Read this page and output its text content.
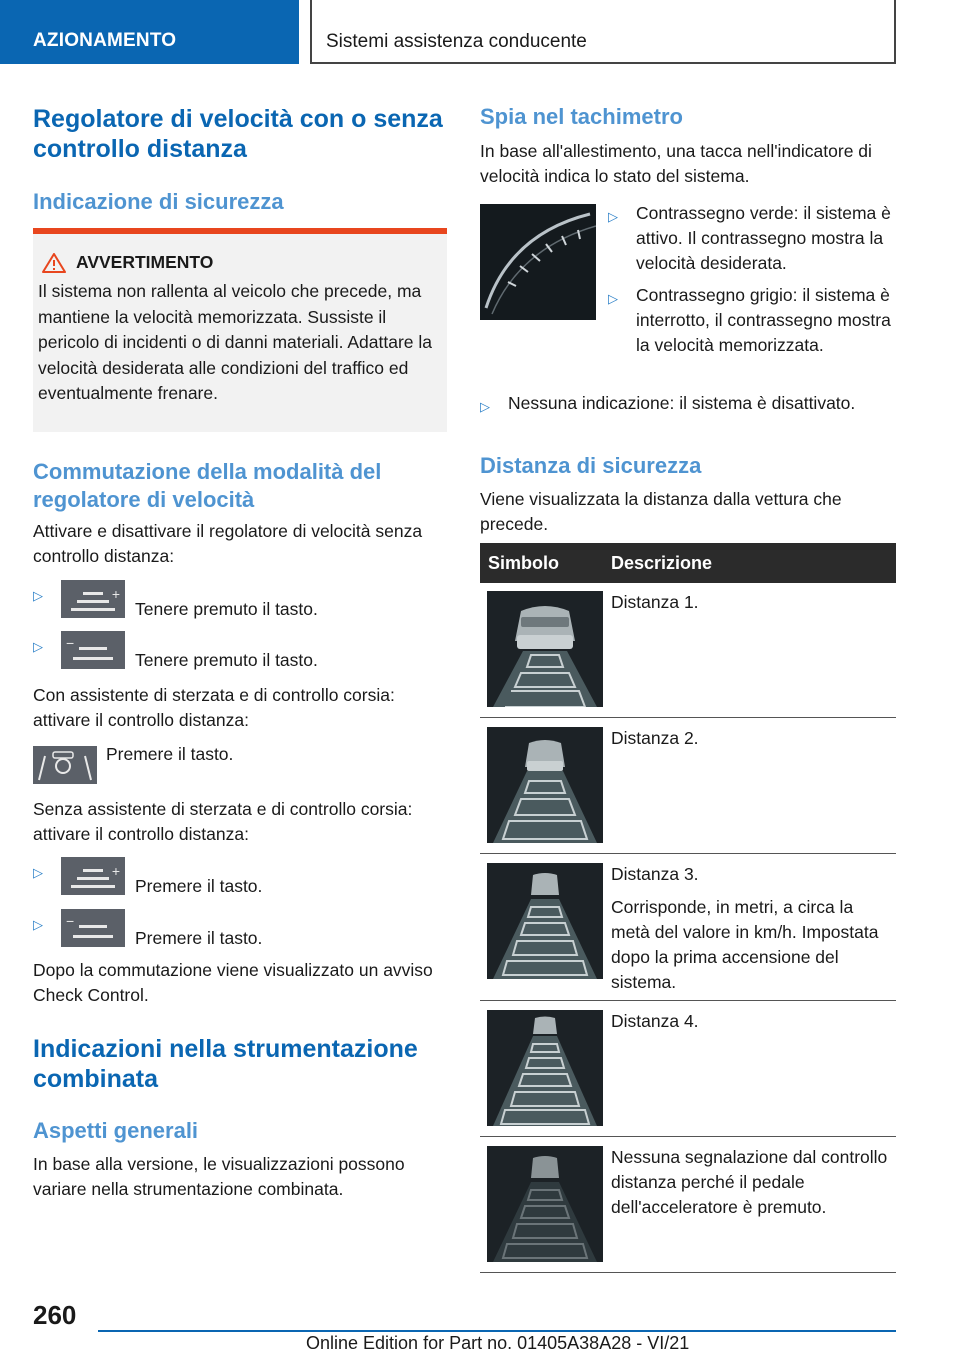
AZIONAMENTO	Sistemi assistenza conducente
Regolatore di velocità con o senza controllo distanza
Indicazione di sicurezza
AVVERTIMENTO
Il sistema non rallenta al veicolo che precede, ma mantiene la velocità memorizzata. Sussiste il pericolo di incidenti o di danni materiali. Adattare la velocità desiderata alle condizioni del traffico ed eventualmente frenare.
Commutazione della modalità del regolatore di velocità
Attivare e disattivare il regolatore di velocità senza controllo distanza:
▷	+
Tenere premuto il tasto.
▷	−
Tenere premuto il tasto.
Con assistente di sterzata e di controllo corsia: attivare il controllo distanza:
Premere il tasto.
Senza assistente di sterzata e di controllo corsia: attivare il controllo distanza:
▷	+
Premere il tasto.
▷	−
Premere il tasto.
Dopo la commutazione viene visualizzato un avviso Check Control.
Indicazioni nella strumentazione combinata
Aspetti generali
In base alla versione, le visualizzazioni possono variare nella strumentazione combinata.
Spia nel tachimetro
In base all'allestimento, una tacca nell'indicatore di velocità indica lo stato del sistema.
▷	Contrassegno verde: il sistema è attivo. Il contrassegno mostra la velocità desiderata.
▷	Contrassegno grigio: il sistema è interrotto, il contrassegno mostra la velocità memorizzata.
▷	Nessuna indicazione: il sistema è disattivato.
Distanza di sicurezza
Viene visualizzata la distanza dalla vettura che precede.
Simbolo	Descrizione
Distanza 1.
Distanza 2.
Distanza 3.
Corrisponde, in metri, a circa la metà del valore in km/h. Impostata dopo la prima accensione del sistema.
Distanza 4.
Nessuna segnalazione dal controllo distanza perché il pedale dell'acceleratore è premuto.
260
Online Edition for Part no. 01405A38A28 - VI/21
